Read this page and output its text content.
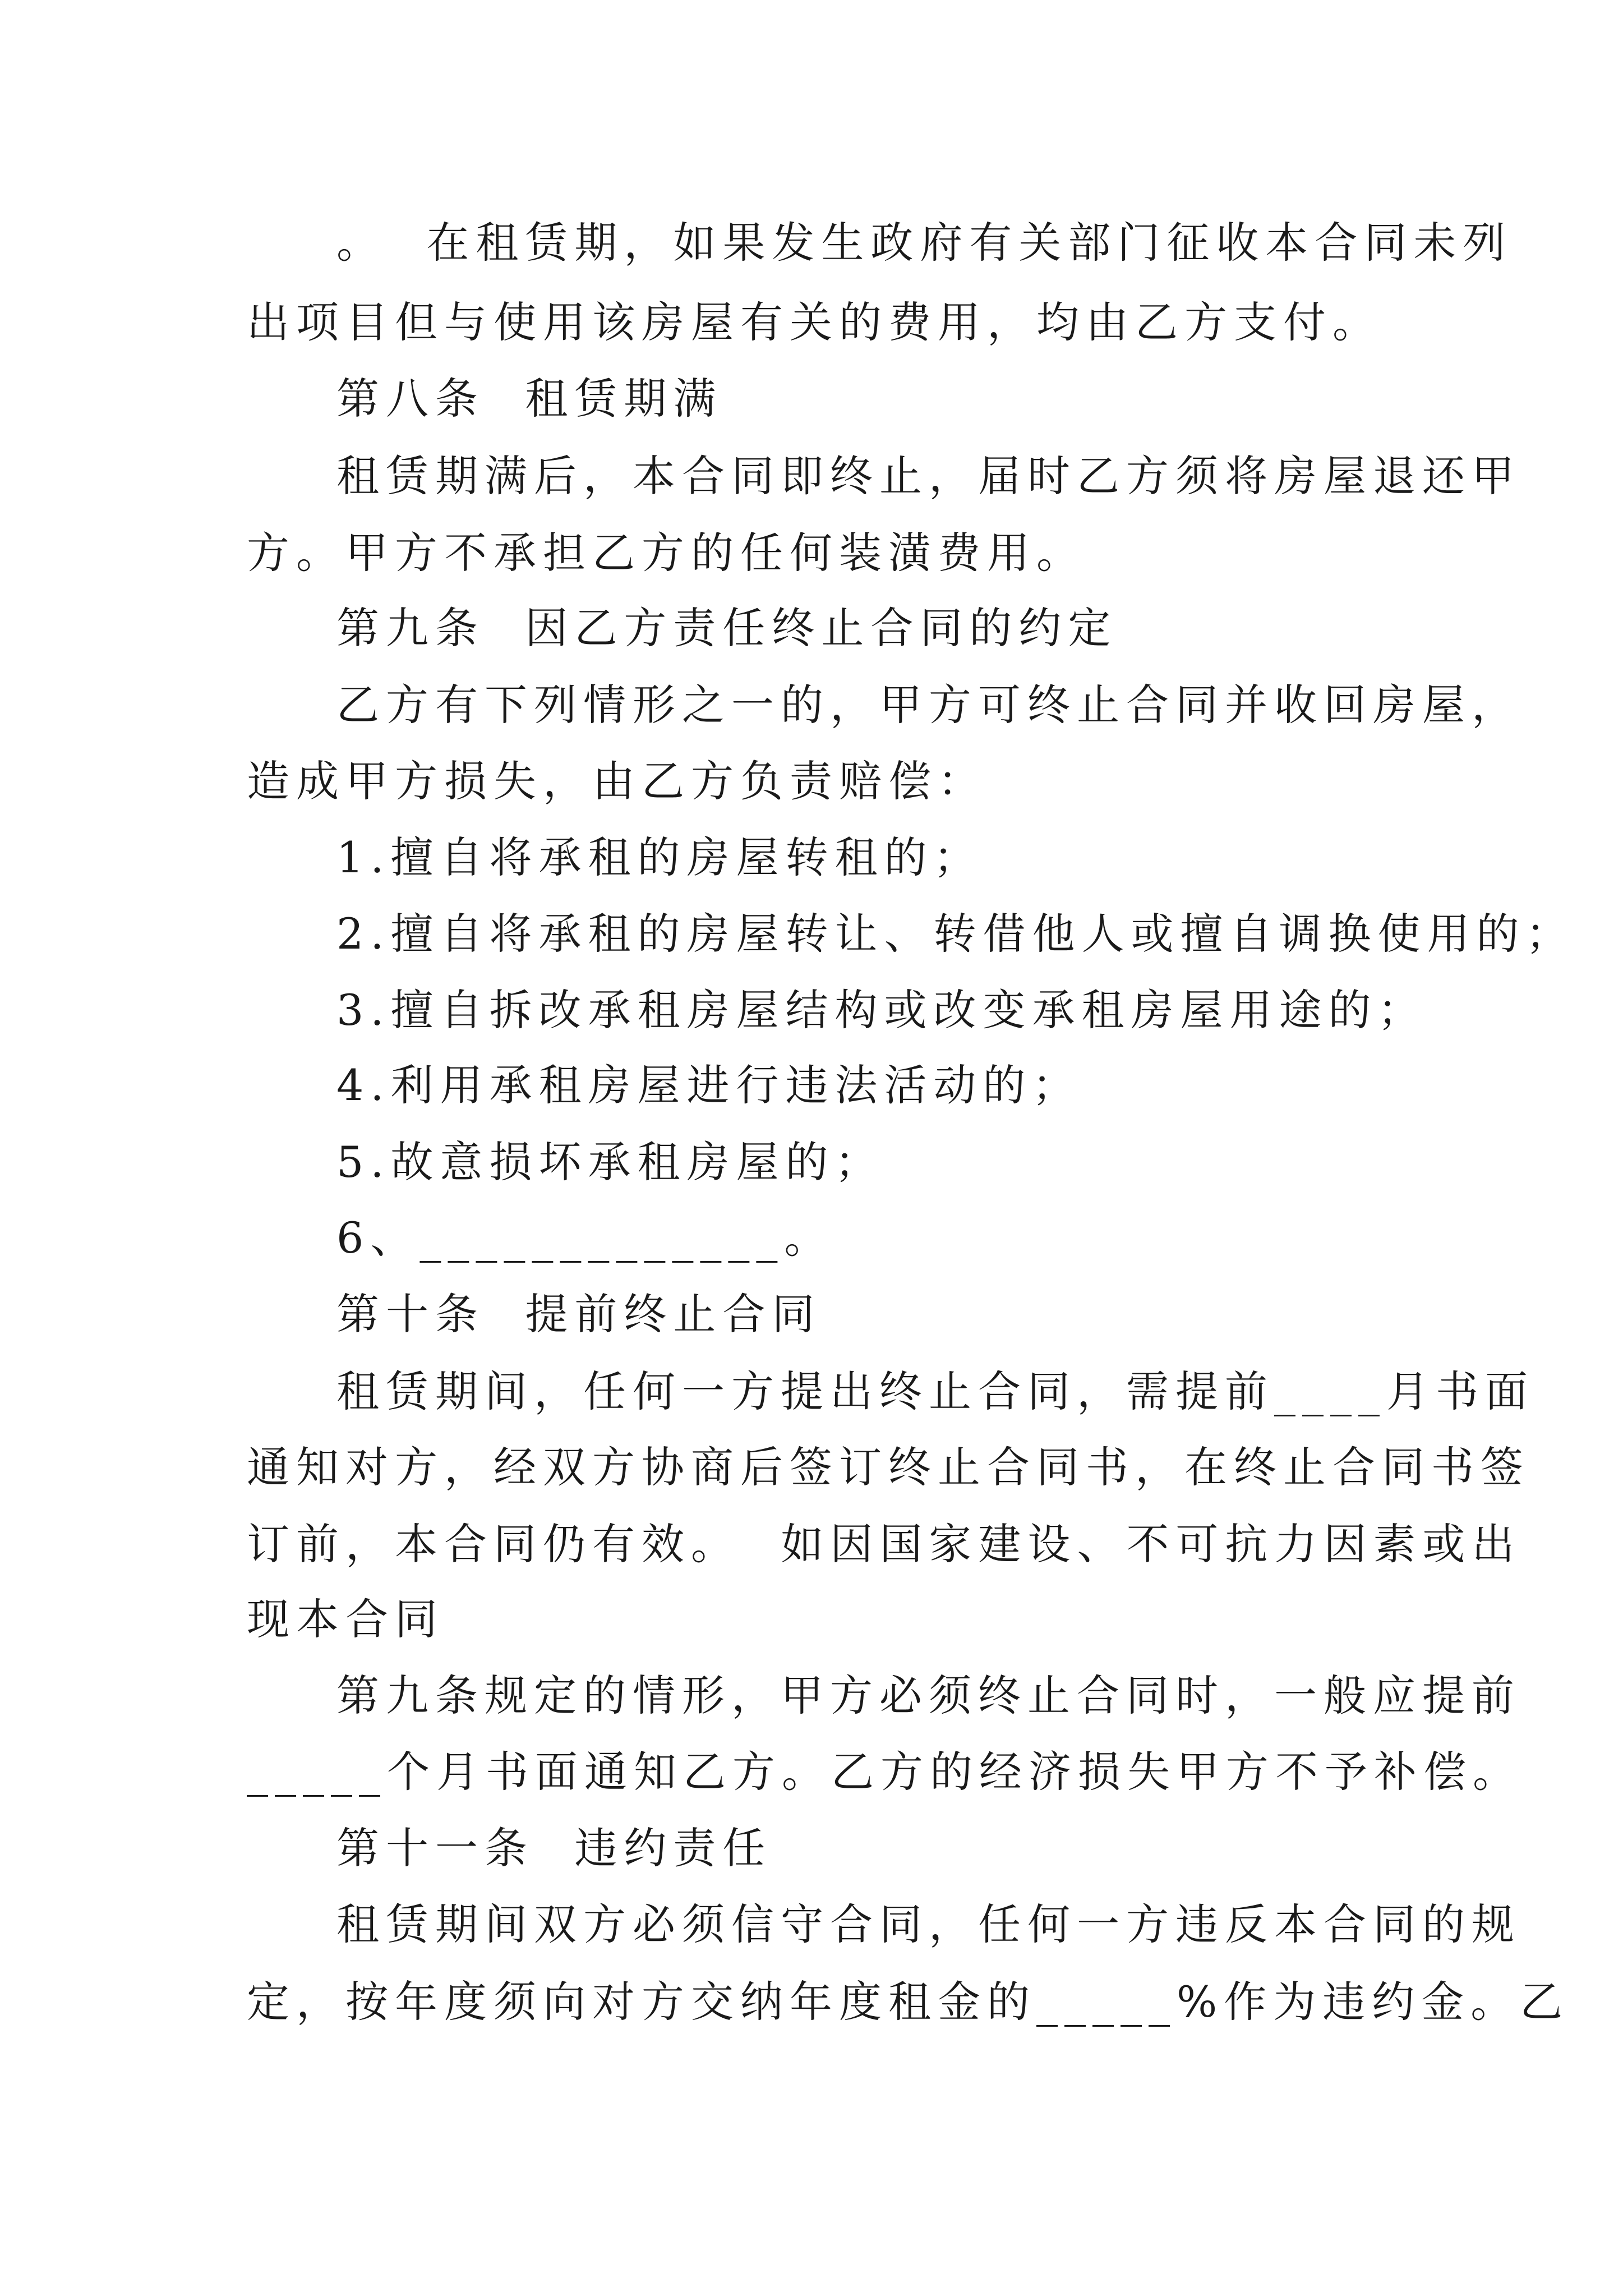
。  在租赁期，如果发生政府有关部门征收本合同未列
出项目但与使用该房屋有关的费用，均由乙方支付。
第八条  租赁期满
租赁期满后，本合同即终止，届时乙方须将房屋退还甲
方。甲方不承担乙方的任何装潢费用。
第九条  因乙方责任终止合同的约定
乙方有下列情形之一的，甲方可终止合同并收回房屋，
造成甲方损失，由乙方负责赔偿：
1.擅自将承租的房屋转租的；
2.擅自将承租的房屋转让、转借他人或擅自调换使用的；
3.擅自拆改承租房屋结构或改变承租房屋用途的；
4.利用承租房屋进行违法活动的；
5.故意损坏承租房屋的；
6、_____________。
第十条  提前终止合同
租赁期间，任何一方提出终止合同，需提前____月书面
通知对方，经双方协商后签订终止合同书，在终止合同书签
订前，本合同仍有效。  如因国家建设、不可抗力因素或出
现本合同
第九条规定的情形，甲方必须终止合同时，一般应提前
_____个月书面通知乙方。乙方的经济损失甲方不予补偿。
第十一条  违约责任
租赁期间双方必须信守合同，任何一方违反本合同的规
定，按年度须向对方交纳年度租金的_____%作为违约金。乙
